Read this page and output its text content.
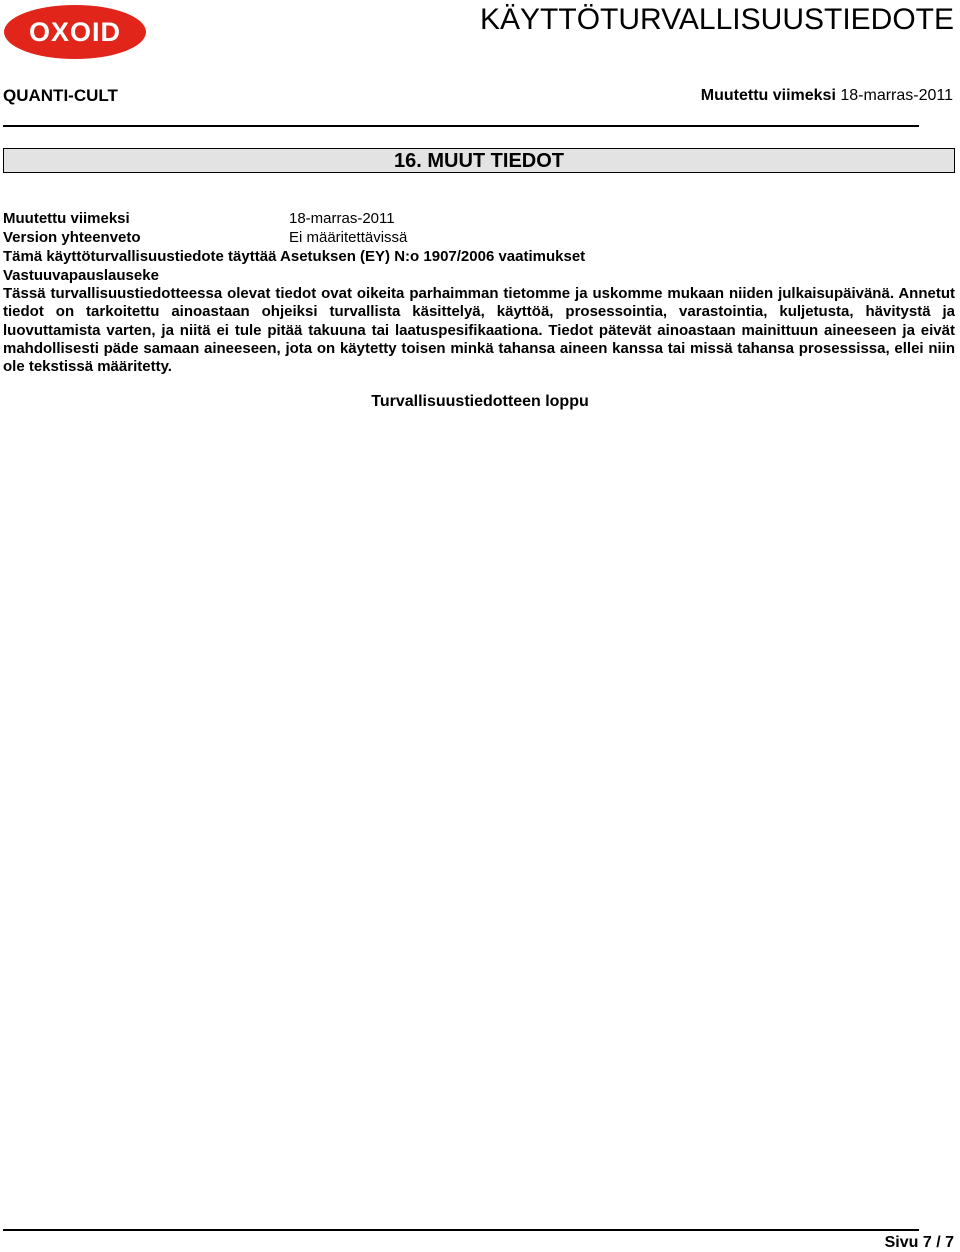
OXOID	KÄYTTÖTURVALLISUUSTIEDOTE
QUANTI-CULT	Muutettu viimeksi 18-marras-2011
16. MUUT TIEDOT
Muutettu viimeksi	18-marras-2011
Version yhteenveto	Ei määritettävissä
Tämä käyttöturvallisuustiedote täyttää Asetuksen (EY) N:o 1907/2006 vaatimukset
Vastuuvapauslauseke

Tässä turvallisuustiedotteessa olevat tiedot ovat oikeita parhaimman tietomme ja uskomme mukaan niiden julkaisupäivänä. Annetut tiedot on tarkoitettu ainoastaan ohjeiksi turvallista käsittelyä, käyttöä, prosessointia, varastointia, kuljetusta, hävitystä ja luovuttamista varten, ja niitä ei tule pitää takuuna tai laatuspesifikaationa. Tiedot pätevät ainoastaan mainittuun aineeseen ja eivät mahdollisesti päde samaan aineeseen, jota on käytetty toisen minkä tahansa aineen kanssa tai missä tahansa prosessissa, ellei niin ole tekstissä määritetty.

Turvallisuustiedotteen loppu
Sivu 7 / 7
